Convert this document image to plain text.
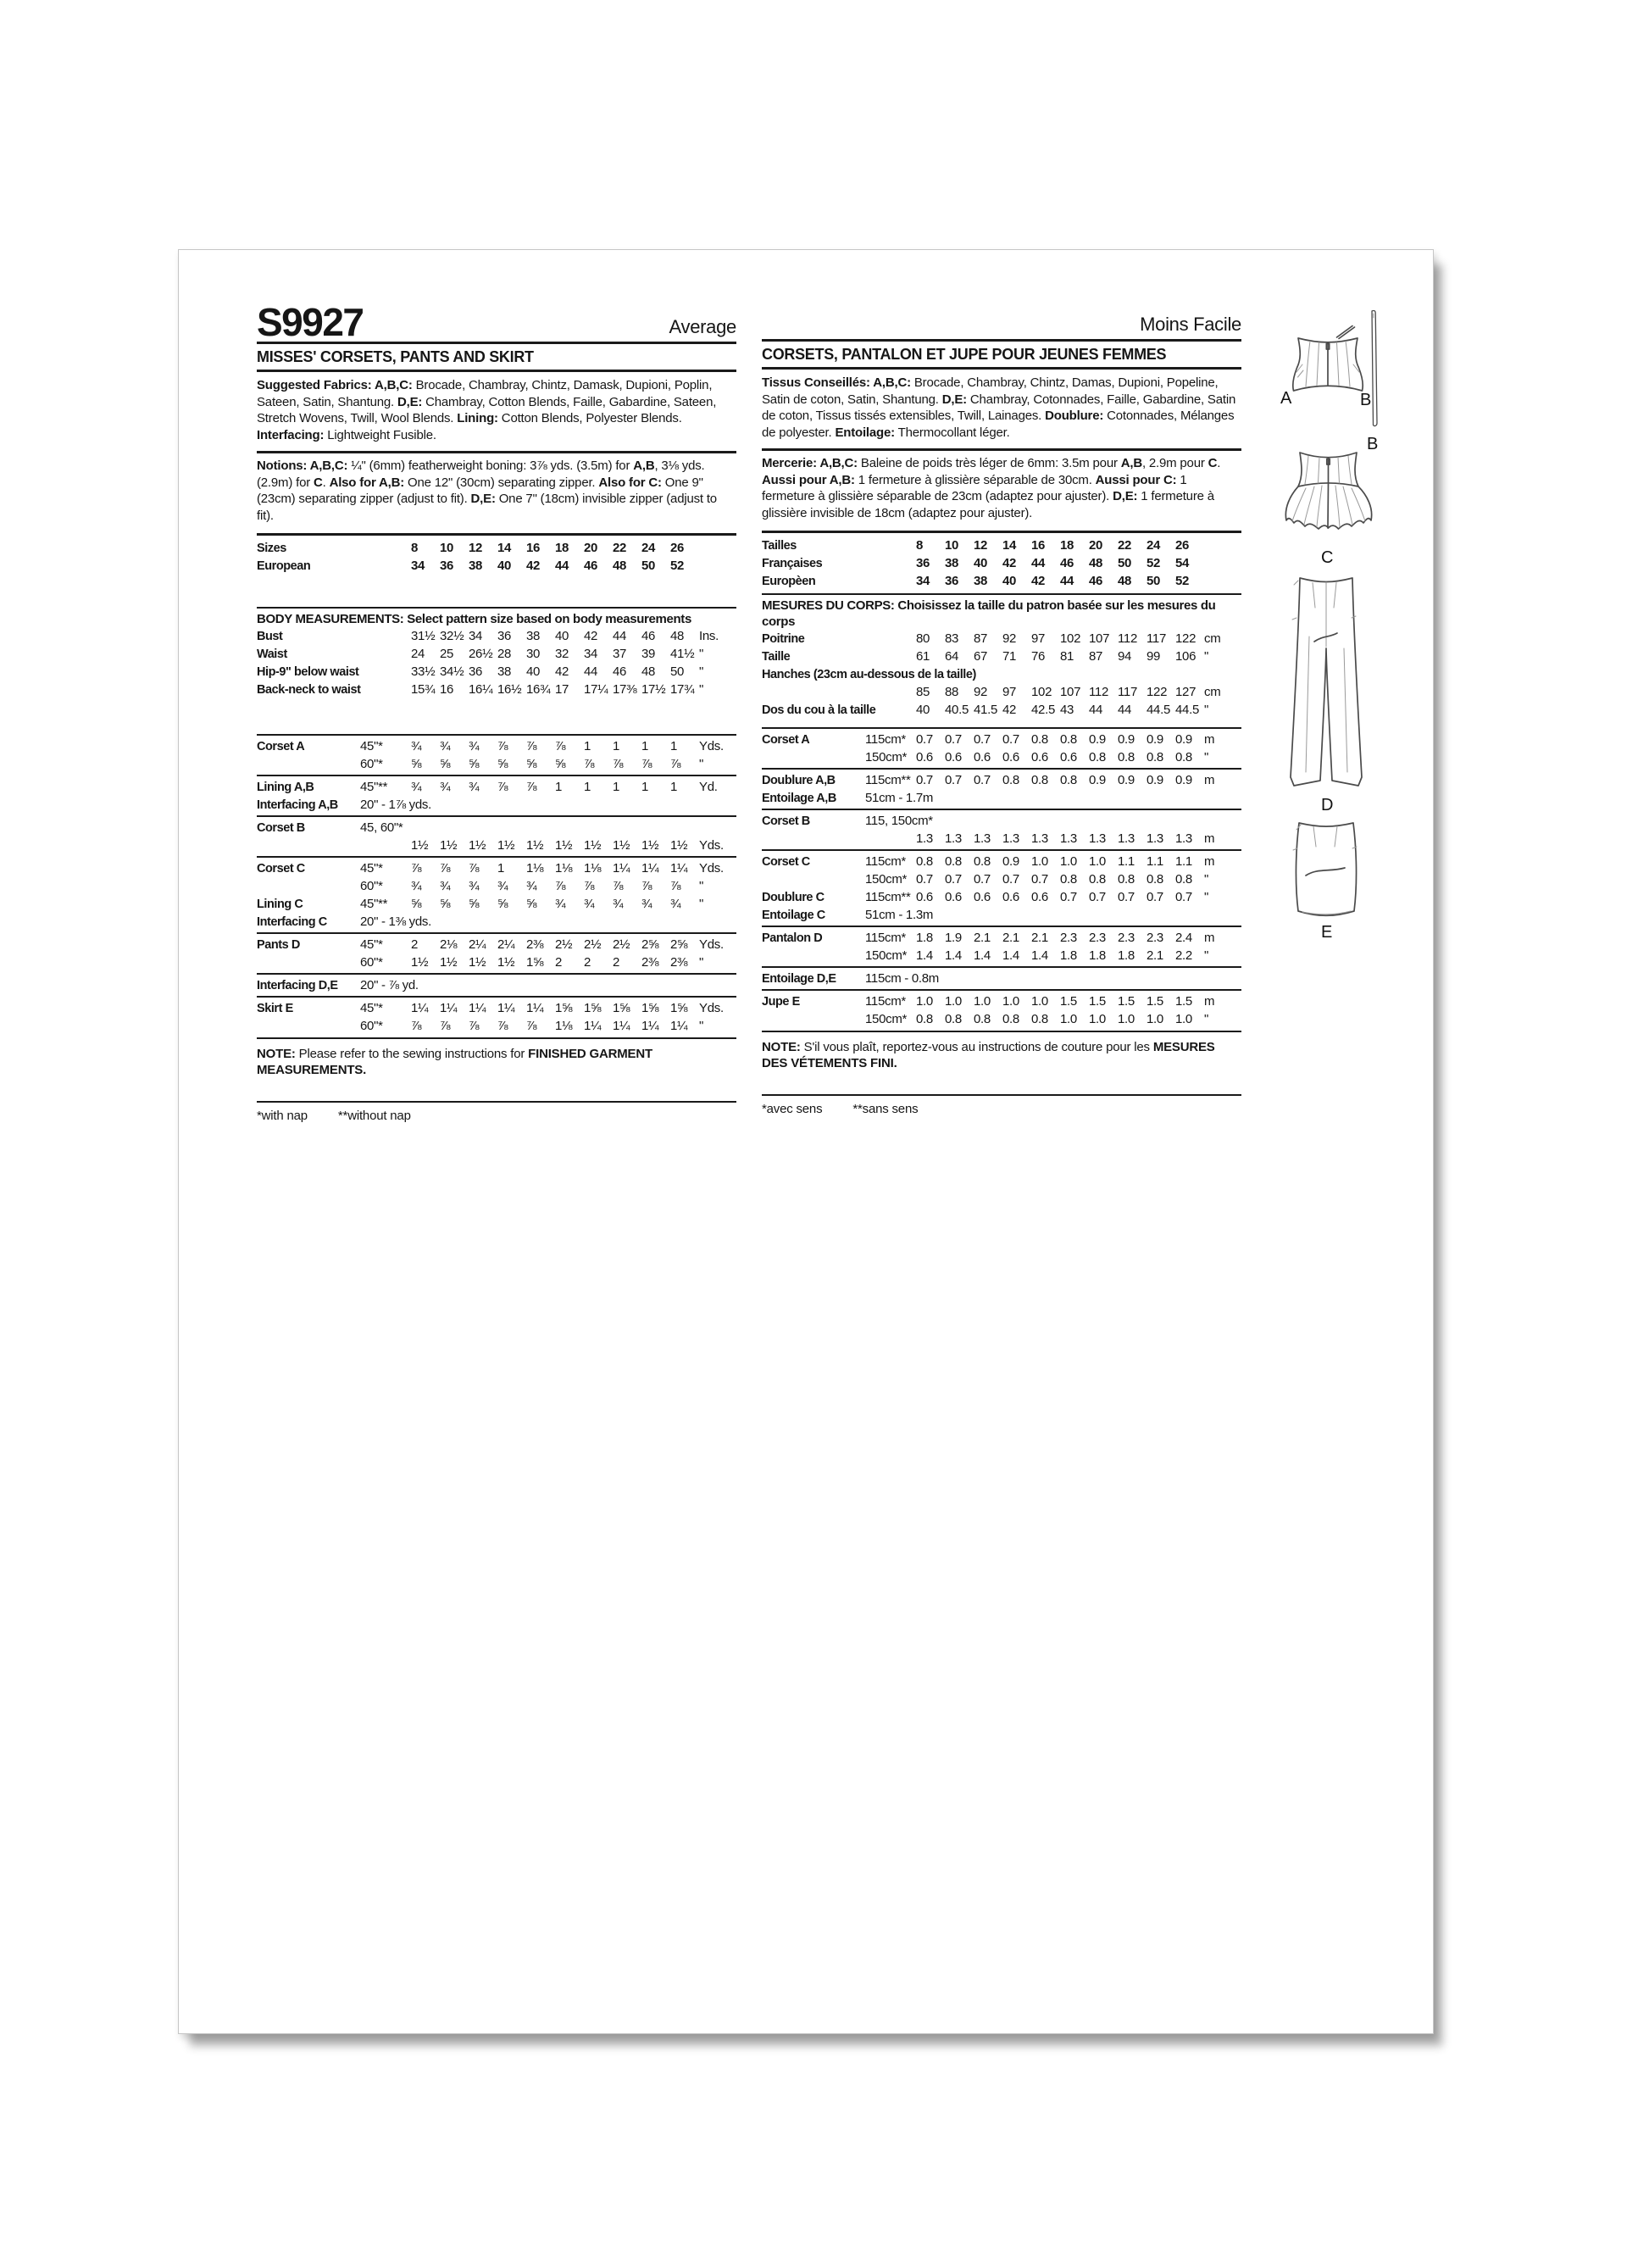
S9927	Average
MISSES' CORSETS, PANTS AND SKIRT
Suggested Fabrics: A,B,C: Brocade, Chambray, Chintz, Damask, Dupioni, Poplin, Sateen, Satin, Shantung. D,E: Chambray, Cotton Blends, Faille, Gabardine, Sateen, Stretch Wovens, Twill, Wool Blends. Lining: Cotton Blends, Polyester Blends. Interfacing: Lightweight Fusible.
Notions: A,B,C: ¼" (6mm) featherweight boning: 3⅞ yds. (3.5m) for A,B, 3⅛ yds. (2.9m) for C. Also for A,B: One 12" (30cm) separating zipper. Also for C: One 9" (23cm) separating zipper (adjust to fit). D,E: One 7" (18cm) invisible zipper (adjust to fit).
Sizes	8	10	12	14	16	18	20	22	24	26
European	34	36	38	40	42	44	46	48	50	52
BODY MEASUREMENTS: Select pattern size based on body measurements
Bust	31½ 32½ 34	36	38	40	42	44	46	48	Ins.
Waist	24	25	26½ 28	30	32	34	37	39	41½ "
Hip-9" below waist	33½ 34½ 36	38	40	42	44	46	48	50	"
Back-neck to waist	15¾ 16	16¼ 16½ 16¾ 17	17¼ 17⅜ 17½ 17¾ "
Corset A	45"*	¾	¾	¾	⅞	⅞	⅞	1	1	1	1	Yds.
60"*	⅝	⅝	⅝	⅝	⅝	⅝	⅞	⅞	⅞	⅞	"
Lining A,B	45"**	¾	¾	¾	⅞	⅞	1	1	1	1	1	Yd.
Interfacing A,B	20" - 1⅞ yds.
Corset B	45, 60"*
1½ 1½ 1½ 1½ 1½ 1½ 1½ 1½ 1½ 1½ Yds.
Corset C	45"*	⅞	⅞	⅞	1	1⅛ 1⅛ 1⅛ 1¼ 1¼ 1¼ Yds.
60"*	¾	¾	¾	¾	¾	⅞	⅞	⅞	⅞	⅞	"
Lining C	45"**	⅝	⅝	⅝	⅝	⅝	¾	¾	¾	¾	¾	"
Interfacing C	20" - 1⅜ yds.
Pants D	45"*	2	2⅛ 2¼ 2¼ 2⅜ 2½ 2½ 2½ 2⅝ 2⅝ Yds.
60"*	1½ 1½ 1½ 1½ 1⅝ 2	2	2	2⅜ 2⅜ "
Interfacing D,E	20" - ⅞ yd.
Skirt E	45"*	1¼ 1¼ 1¼ 1¼ 1¼ 1⅝ 1⅝ 1⅝ 1⅝ 1⅝ Yds.
60"*	⅞	⅞	⅞	⅞	⅞	1⅛ 1¼ 1¼ 1¼ 1¼ "
NOTE: Please refer to the sewing instructions for FINISHED GARMENT MEASUREMENTS.
*with nap **without nap
Moins Facile
CORSETS, PANTALON ET JUPE POUR JEUNES FEMMES
Tissus Conseillés: A,B,C: Brocade, Chambray, Chintz, Damas, Dupioni, Popeline, Satin de coton, Satin, Shantung. D,E: Chambray, Cotonnades, Faille, Gabardine, Satin de coton, Tissus tissés extensibles, Twill, Lainages. Doublure: Cotonnades, Mélanges de polyester. Entoilage: Thermocollant léger.
Mercerie: A,B,C: Baleine de poids très léger de 6mm: 3.5m pour A,B, 2.9m pour C. Aussi pour A,B: 1 fermeture à glissière séparable de 30cm. Aussi pour C: 1 fermeture à glissière séparable de 23cm (adaptez pour ajuster). D,E: 1 fermeture à glissière invisible de 18cm (adaptez pour ajuster).
Tailles	8	10	12	14	16	18	20	22	24	26
Françaises	36	38	40	42	44	46	48	50	52	54
Europèen	34	36	38	40	42	44	46	48	50	52
MESURES DU CORPS: Choisissez la taille du patron basée sur les mesures du corps
Poitrine	80	83	87	92	97	102 107 112 117 122 cm
Taille	61	64	67	71	76	81	87	94	99	106 "
Hanches (23cm au-dessous de la taille)
85	88	92	97	102 107 112 117 122 127 cm
Dos du cou à la taille	40	40.5 41.5 42	42.5 43	44	44	44.5 44.5 "
Corset A	115cm* 0.7 0.7 0.7 0.7 0.8 0.8 0.9 0.9 0.9 0.9 m
150cm* 0.6 0.6 0.6 0.6 0.6 0.6 0.8 0.8 0.8 0.8 "
Doublure A,B	115cm** 0.7 0.7 0.7 0.8 0.8 0.8 0.9 0.9 0.9 0.9 m
Entoilage A,B	51cm - 1.7m
Corset B	115, 150cm*
1.3 1.3 1.3 1.3 1.3 1.3 1.3 1.3 1.3 1.3 m
Corset C	115cm* 0.8 0.8 0.8 0.9 1.0 1.0 1.0 1.1 1.1 1.1 m
150cm* 0.7 0.7 0.7 0.7 0.7 0.8 0.8 0.8 0.8 0.8 "
Doublure C	115cm** 0.6 0.6 0.6 0.6 0.6 0.7 0.7 0.7 0.7 0.7 "
Entoilage C	51cm - 1.3m
Pantalon D	115cm* 1.8 1.9 2.1 2.1 2.1 2.3 2.3 2.3 2.3 2.4 m
150cm* 1.4 1.4 1.4 1.4 1.4 1.8 1.8 1.8 2.1 2.2 "
Entoilage D,E	115cm - 0.8m
Jupe E	115cm* 1.0 1.0 1.0 1.0 1.0 1.5 1.5 1.5 1.5 1.5 m
150cm* 0.8 0.8 0.8 0.8 0.8 1.0 1.0 1.0 1.0 1.0 "
NOTE: S'il vous plaît, reportez-vous au instructions de couture pour les MESURES DES VÉTEMENTS FINI.
*avec sens **sans sens
A	B
B
C
D
E
